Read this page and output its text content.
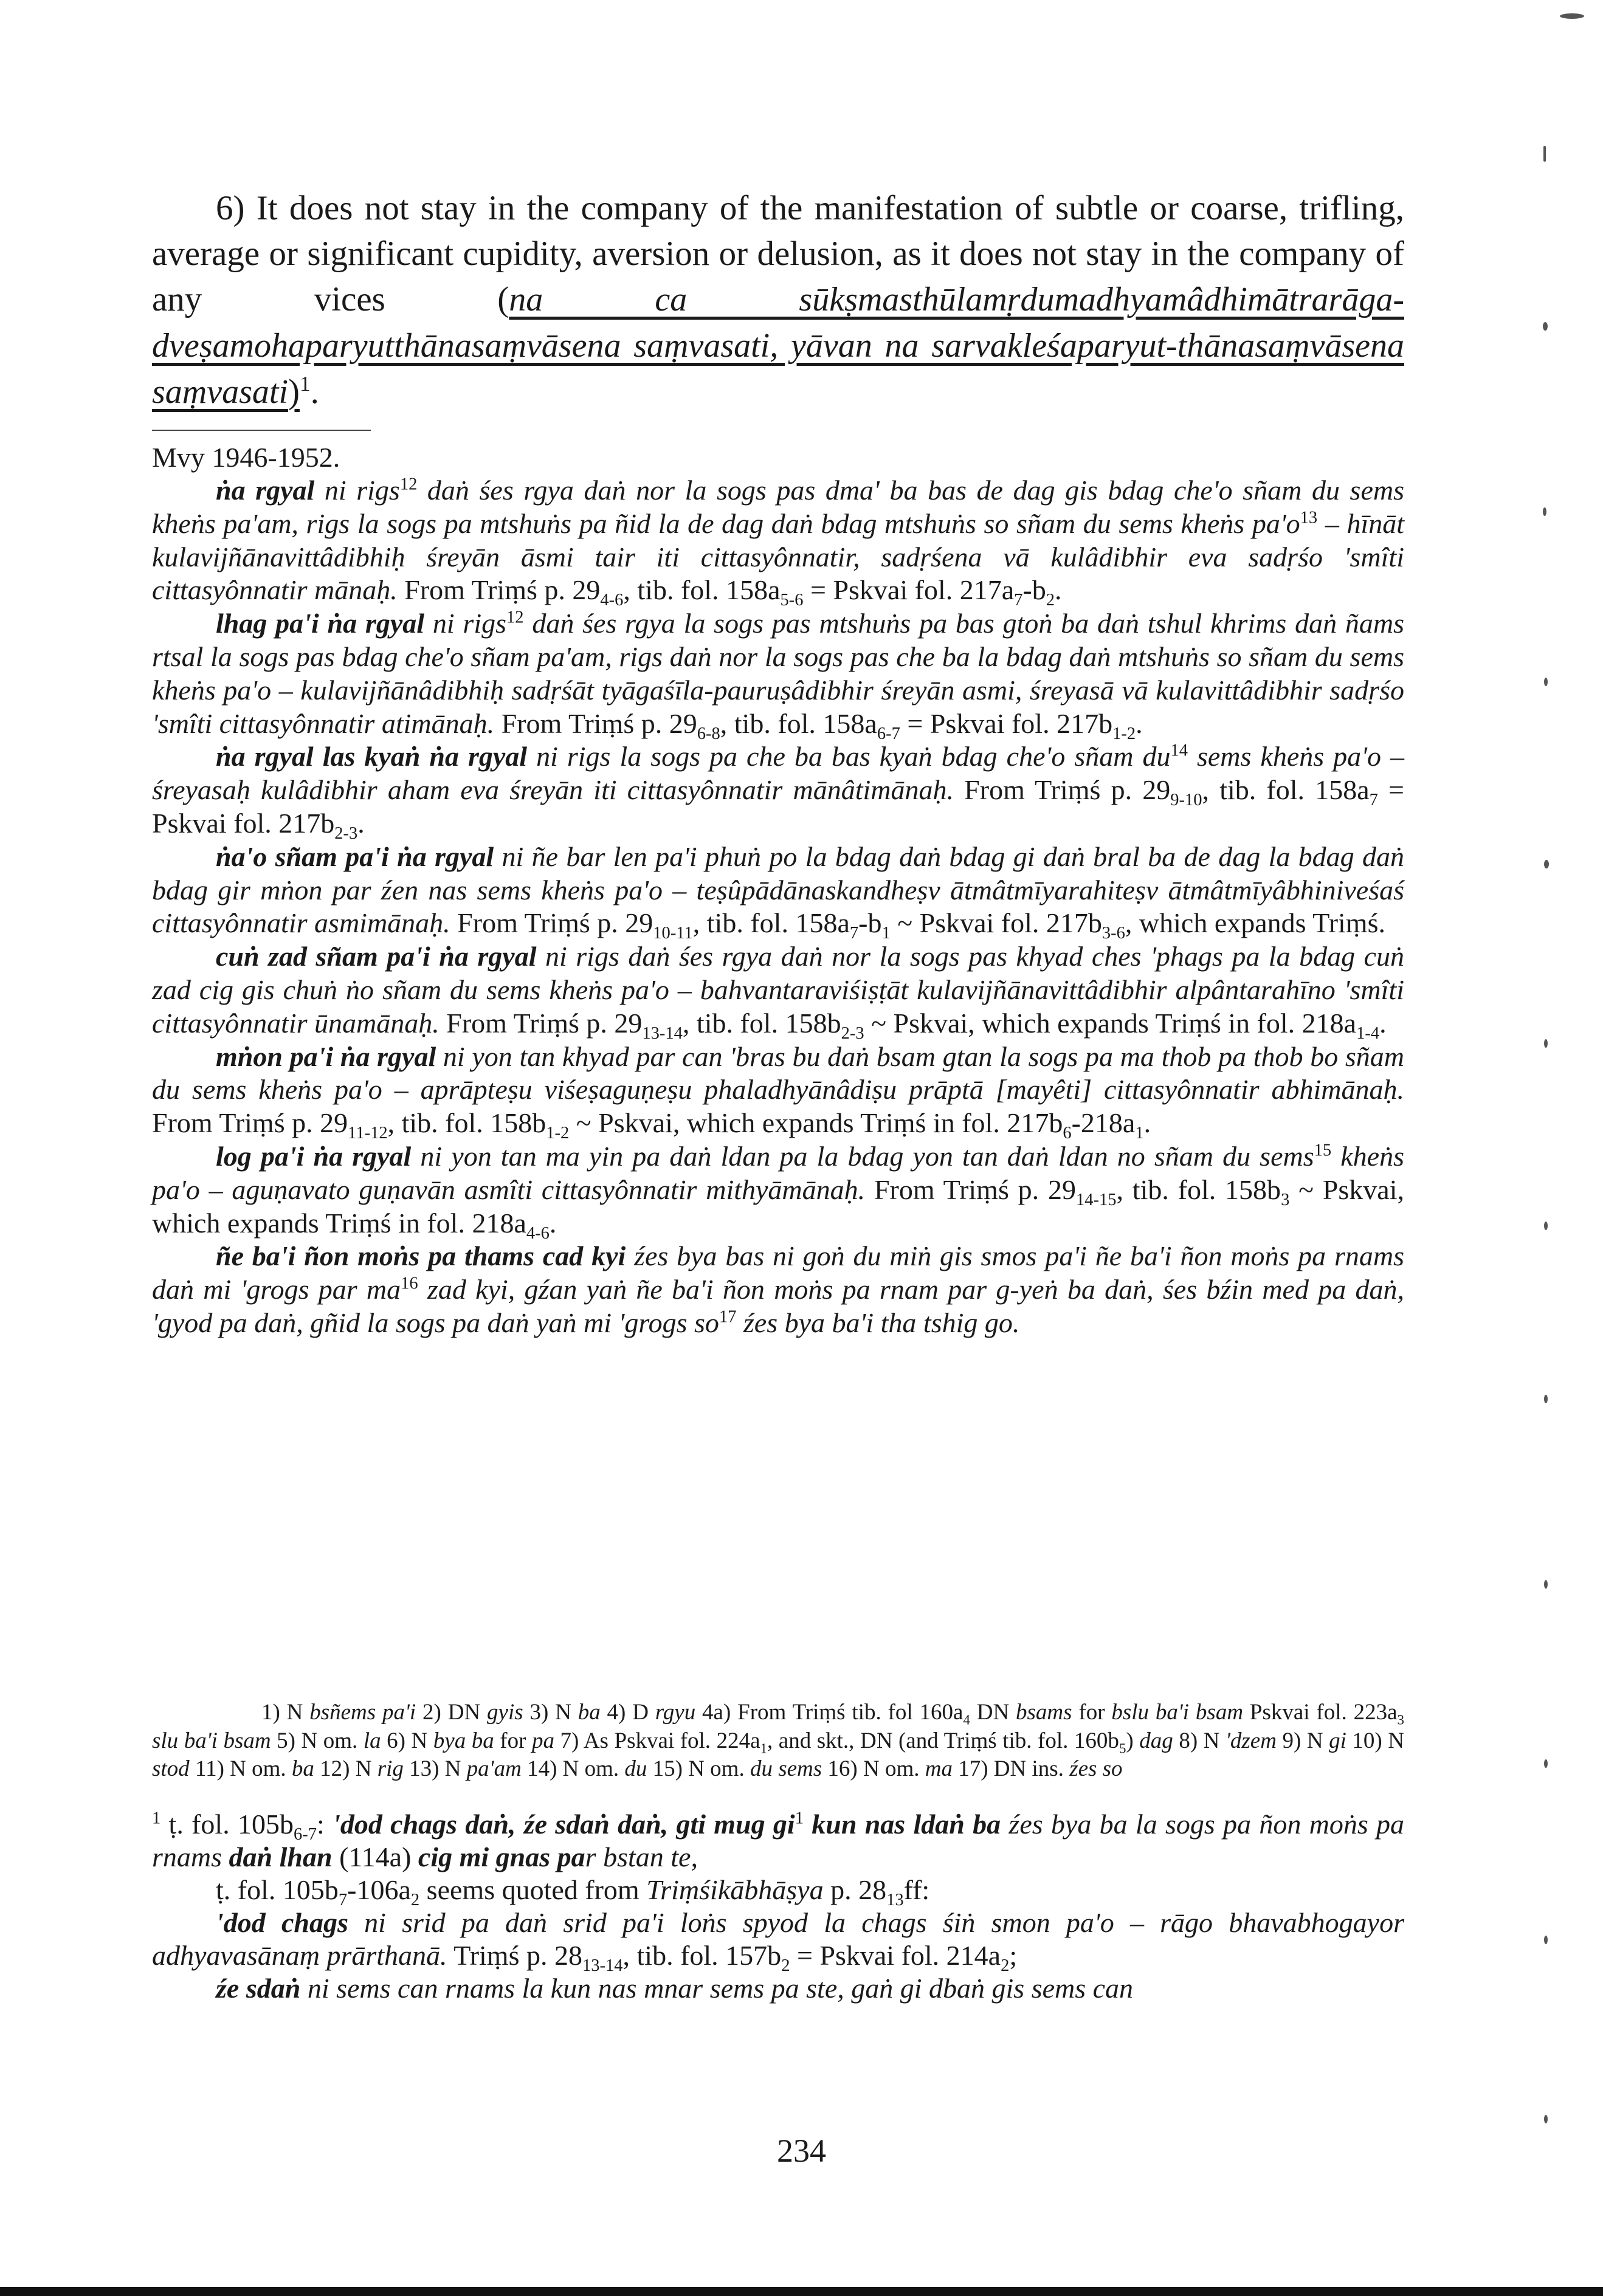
6) It does not stay in the company of the manifestation of subtle or coarse, trifling, average or significant cupidity, aversion or delusion, as it does not stay in the company of any vices (na ca sūkṣmasthūlamṛdumadhyamâdhimātrarāga-dveṣamohaparyutthānasaṃvāsena saṃvasati, yāvan na sarvakleśaparyut-thānasaṃvāsena saṃvasati)$^1$.

Mvy 1946-1952.

ṅa rgyal ni rigs$^{12}$ daṅ śes rgya daṅ nor la sogs pas dma' ba bas de dag gis bdag che'o sñam du sems kheṅs pa'am, rigs la sogs pa mtshuṅs pa ñid la de dag daṅ bdag mtshuṅs so sñam du sems kheṅs $pa'o^{13}$ – hīnāt kulavijñānavittâdibhiḥ śreyān āsmi tair iti cittasyônnatir, sadṛśena vā kulâdibhir eva sadṛśo 'smîti cittasyônnatir mānaḥ. From Triṃś p. $29_{4-6}$, tib. fol. $158a_{5-6}$ = Pskvai fol. $217a_7-b_2$.

lhag pa'i ṅa rgyal ni rigs$^{12}$ daṅ śes rgya la sogs pas mtshuṅs pa bas gtoṅ ba daṅ tshul khrims daṅ ñams rtsal la sogs pas bdag che'o sñam pa'am, rigs daṅ nor la sogs pas che ba la bdag daṅ mtshuṅs so sñam du sems kheṅs pa'o – kulavijñānâdibhiḥ sadṛśāt tyāgaśīla-pauruṣâdibhir śreyān asmi, śreyasā vā kulavittâdibhir sadṛśo 'smîti cittasyônnatir atimānaḥ. From Triṃś p. $29_{6-8}$, tib. fol. $158a_{6-7}$ = Pskvai fol. $217b_{1-2}$.

ṅa rgyal las kyaṅ ṅa rgyal ni rigs la sogs pa che ba bas kyaṅ bdag che'o sñam $du^{14}$ sems kheṅs pa'o – śreyasaḥ kulâdibhir aham eva śreyān iti cittasyônnatir mānâtimānaḥ. From Triṃś p. $29_{9-10}$, tib. fol. $158a_7$ = Pskvai fol. $217b_{2-3}$.

ṅa'o sñam pa'i ṅa rgyal ni ñe bar len pa'i phuṅ po la bdag daṅ bdag gi daṅ bral ba de dag la bdag daṅ bdag gir mṅon par źen nas sems kheṅs pa'o – teṣûpādānaskandheṣv ātmâtmīyarahiteṣv ātmâtmīyâbhiniveśaś cittasyônnatir asmimānaḥ. From Triṃś p. $29_{10-11}$, tib. fol. $158a_7-b_1$ ~ Pskvai fol. $217b_{3-6}$, which expands Triṃś.

cuṅ zad sñam pa'i ṅa rgyal ni rigs daṅ śes rgya daṅ nor la sogs pas khyad ches 'phags pa la bdag cuṅ zad cig gis chuṅ ṅo sñam du sems kheṅs pa'o – bahvantaraviśiṣṭāt kulavijñānavittâdibhir alpântarahīno 'smîti cittasyônnatir ūnamānaḥ. From Triṃś p. $29_{13-14}$, tib. fol. $158b_{2-3}$ ~ Pskvai, which expands Triṃś in fol. $218a_{1-4}$.

mṅon pa'i ṅa rgyal ni yon tan khyad par can 'bras bu daṅ bsam gtan la sogs pa ma thob pa thob bo sñam du sems kheṅs pa'o – aprāpteṣu viśeṣaguṇeṣu phaladhyānâdiṣu prāptā [mayêti] cittasyônnatir abhimānaḥ. From Triṃś p. $29_{11-12}$, tib. fol. $158b_{1-2}$ ~ Pskvai, which expands Triṃś in fol. $217b_6-218a_1$.

log pa'i ṅa rgyal ni yon tan ma yin pa daṅ ldan pa la bdag yon tan daṅ ldan no sñam du sems$^{15}$ kheṅs pa'o – aguṇavato guṇavān asmîti cittasyônnatir mithyāmānaḥ. From Triṃś p. $29_{14-15}$, tib. fol. $158b_3$ ~ Pskvai, which expands Triṃś in fol. $218a_{4-6}$.

ñe ba'i ñon moṅs pa thams cad kyi źes bya bas ni goṅ du miṅ gis smos pa'i ñe ba'i ñon moṅs pa rnams daṅ mi 'grogs par $ma^{16}$ zad kyi, gźan yaṅ ñe ba'i ñon moṅs pa rnam par g-yeṅ ba daṅ, śes bźin med pa daṅ, 'gyod pa daṅ, gñid la sogs pa daṅ yaṅ mi 'grogs $so^{17}$ źes bya ba'i tha tshig go.

1) N bsñems pa'i 2) DN gyis 3) N ba 4) D rgyu 4a) From Triṃś tib. fol $160a_4$ DN bsams for bslu ba'i bsam Pskvai fol. $223a_3$ slu ba'i bsam 5) N om. la 6) N bya ba for pa 7) As Pskvai fol. $224a_1$, and skt., DN (and Triṃś tib. fol. $160b_5$) dag 8) N 'dzem 9) N gi 10) N stod 11) N om. ba 12) N rig 13) N pa'am 14) N om. du 15) N om. du sems 16) N om. ma 17) DN ins. źes so

$^1$ ṭ. fol. $105b_{6-7}$: 'dod chags daṅ, źe sdaṅ daṅ, gti mug $gi^1$ kun nas ldaṅ ba źes bya ba la sogs pa ñon moṅs pa rnams daṅ lhan (114a) cig mi gnas par bstan te,

ṭ. fol. $105b_7-106a_2$ seems quoted from Triṃśikābhāṣya p. $28_{13}ff$:

'dod chags ni srid pa daṅ srid pa'i loṅs spyod la chags śiṅ smon pa'o – rāgo bhavabhogayor adhyavasānaṃ prārthanā. Triṃś p. $28_{13-14}$, tib. fol. $157b_2$ = Pskvai fol. $214a_2$;

źe sdaṅ ni sems can rnams la kun nas mnar sems pa ste, gaṅ gi dbaṅ gis sems can

234
